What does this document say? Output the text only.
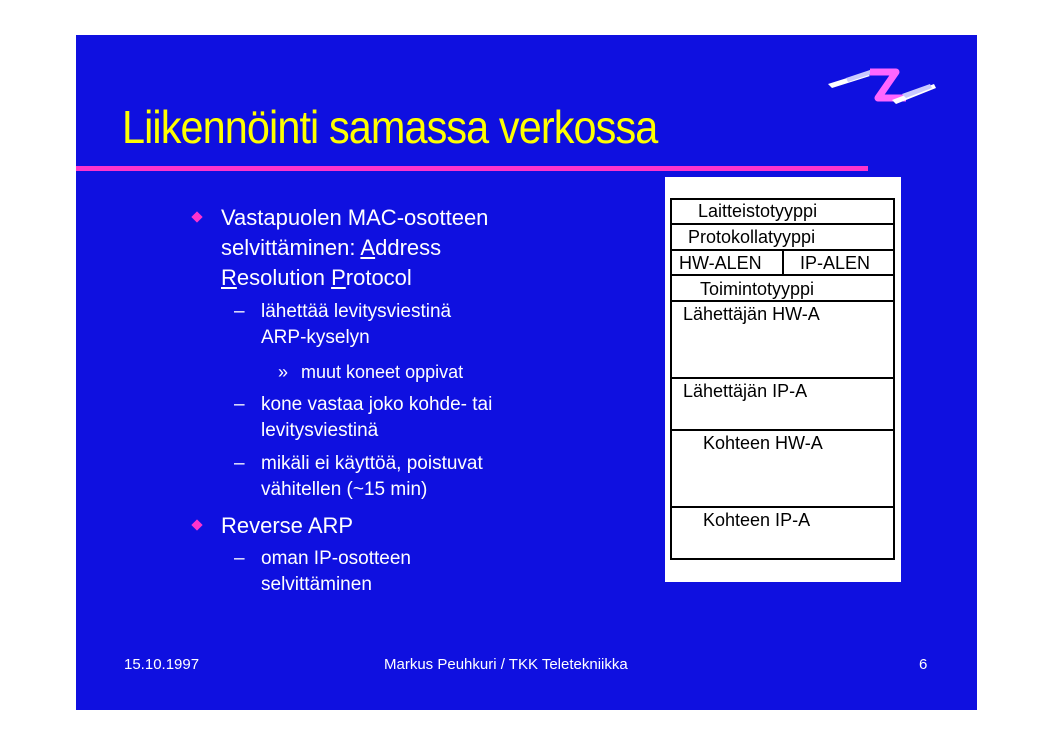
Liikennöinti samassa verkossa
Vastapuolen MAC-osotteen
selvittäminen: Address
Resolution Protocol
– lähettää levitysviestinä
ARP-kyselyn
» muut koneet oppivat
– kone vastaa joko kohde- tai
levitysviestinä
– mikäli ei käyttöä, poistuvat
vähitellen (~15 min)
Reverse ARP
– oman IP-osotteen
selvittäminen
Laitteistotyyppi
Protokollatyyppi
HW-ALEN IP-ALEN
Toimintotyyppi
Lähettäjän HW-A
Lähettäjän IP-A
Kohteen HW-A
Kohteen IP-A
15.10.1997	Markus Peuhkuri / TKK Teletekniikka	6
